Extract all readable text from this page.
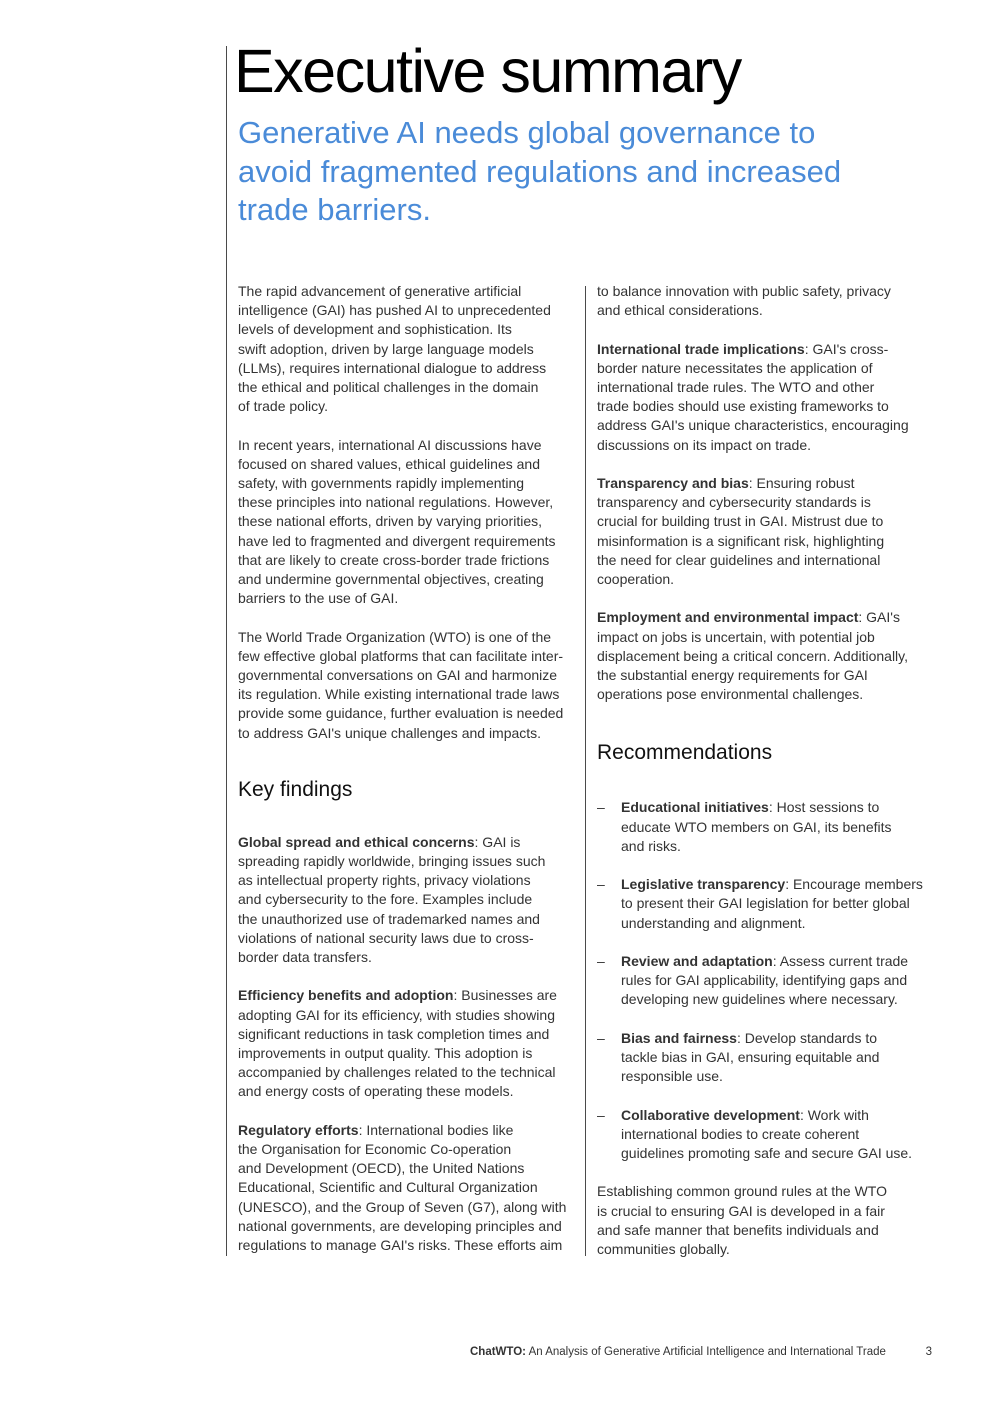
Executive summary
Generative AI needs global governance to avoid fragmented regulations and increased trade barriers.

The rapid advancement of generative artificial
intelligence (GAI) has pushed AI to unprecedented
levels of development and sophistication. Its
swift adoption, driven by large language models
(LLMs), requires international dialogue to address
the ethical and political challenges in the domain
of trade policy.

In recent years, international AI discussions have
focused on shared values, ethical guidelines and
safety, with governments rapidly implementing
these principles into national regulations. However,
these national efforts, driven by varying priorities,
have led to fragmented and divergent requirements
that are likely to create cross-border trade frictions
and undermine governmental objectives, creating
barriers to the use of GAI.

The World Trade Organization (WTO) is one of the
few effective global platforms that can facilitate inter-
governmental conversations on GAI and harmonize
its regulation. While existing international trade laws
provide some guidance, further evaluation is needed
to address GAI's unique challenges and impacts.

Key findings

Global spread and ethical concerns: GAI is
spreading rapidly worldwide, bringing issues such
as intellectual property rights, privacy violations
and cybersecurity to the fore. Examples include
the unauthorized use of trademarked names and
violations of national security laws due to cross-
border data transfers.

Efficiency benefits and adoption: Businesses are
adopting GAI for its efficiency, with studies showing
significant reductions in task completion times and
improvements in output quality. This adoption is
accompanied by challenges related to the technical
and energy costs of operating these models.

Regulatory efforts: International bodies like
the Organisation for Economic Co-operation
and Development (OECD), the United Nations
Educational, Scientific and Cultural Organization
(UNESCO), and the Group of Seven (G7), along with
national governments, are developing principles and
regulations to manage GAI's risks. These efforts aim

to balance innovation with public safety, privacy
and ethical considerations.

International trade implications: GAI's cross-
border nature necessitates the application of
international trade rules. The WTO and other
trade bodies should use existing frameworks to
address GAI's unique characteristics, encouraging
discussions on its impact on trade.

Transparency and bias: Ensuring robust
transparency and cybersecurity standards is
crucial for building trust in GAI. Mistrust due to
misinformation is a significant risk, highlighting
the need for clear guidelines and international
cooperation.

Employment and environmental impact: GAI's
impact on jobs is uncertain, with potential job
displacement being a critical concern. Additionally,
the substantial energy requirements for GAI
operations pose environmental challenges.

Recommendations
– Educational initiatives: Host sessions to
educate WTO members on GAI, its benefits
and risks.
– Legislative transparency: Encourage members
to present their GAI legislation for better global
understanding and alignment.
– Review and adaptation: Assess current trade
rules for GAI applicability, identifying gaps and
developing new guidelines where necessary.
– Bias and fairness: Develop standards to
tackle bias in GAI, ensuring equitable and
responsible use.
– Collaborative development: Work with
international bodies to create coherent
guidelines promoting safe and secure GAI use.

Establishing common ground rules at the WTO
is crucial to ensuring GAI is developed in a fair
and safe manner that benefits individuals and
communities globally.

ChatWTO: An Analysis of Generative Artificial Intelligence and International Trade	3
